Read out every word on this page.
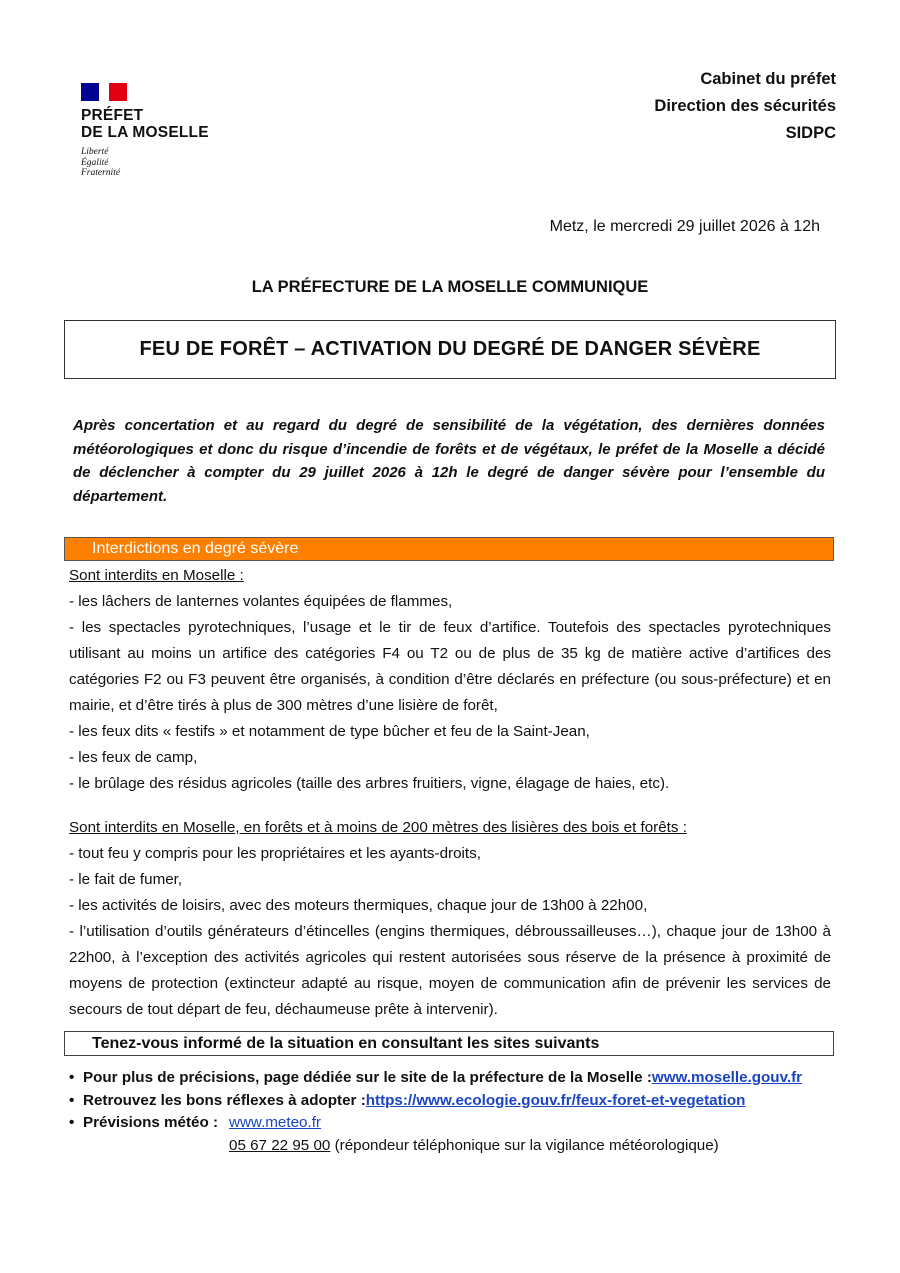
PRÉFET
DE LA MOSELLE
Liberté
Égalité
Fraternité
Cabinet du préfet
Direction des sécurités
SIDPC
Metz, le mercredi 29 juillet 2026 à 12h
LA PRÉFECTURE DE LA MOSELLE COMMUNIQUE
FEU DE FORÊT – ACTIVATION DU DEGRÉ DE DANGER SÉVÈRE
Après concertation et au regard du degré de sensibilité de la végétation, des dernières données météorologiques et donc du risque d’incendie de forêts et de végétaux, le préfet de la Moselle a décidé de déclencher à compter du 29 juillet 2026 à 12h le degré de danger sévère pour l’ensemble du département.
Interdictions en degré sévère

Sont interdits en Moselle :

- les lâchers de lanternes volantes équipées de flammes,

- les spectacles pyrotechniques, l’usage et le tir de feux d’artifice. Toutefois des spectacles pyrotechniques utilisant au moins un artifice des catégories F4 ou T2 ou de plus de 35 kg de matière active d’artifices des catégories F2 ou F3 peuvent être organisés, à condition d’être déclarés en préfecture (ou sous-préfecture) et en mairie, et d’être tirés à plus de 300 mètres d’une lisière de forêt,

- les feux dits « festifs » et notamment de type bûcher et feu de la Saint-Jean,

- les feux de camp,

- le brûlage des résidus agricoles (taille des arbres fruitiers, vigne, élagage de haies, etc).

Sont interdits en Moselle, en forêts et à moins de 200 mètres des lisières des bois et forêts :

- tout feu y compris pour les propriétaires et les ayants-droits,

- le fait de fumer,

- les activités de loisirs, avec des moteurs thermiques, chaque jour de 13h00 à 22h00,

- l’utilisation d’outils générateurs d’étincelles (engins thermiques, débroussailleuses…), chaque jour de 13h00 à 22h00, à l’exception des activités agricoles qui restent autorisées sous réserve de la présence à proximité de moyens de protection (extincteur adapté au risque, moyen de communication afin de prévenir les services de secours de tout départ de feu, déchaumeuse prête à intervenir).

Tenez-vous informé de la situation en consultant les sites suivants
• Pour plus de précisions, page dédiée sur le site de la préfecture de la Moselle : www.moselle.gouv.fr
• Retrouvez les bons réflexes à adopter : https://www.ecologie.gouv.fr/feux-foret-et-vegetation
• Prévisions météo : www.meteo.fr
05 67 22 95 00 (répondeur téléphonique sur la vigilance météorologique)
